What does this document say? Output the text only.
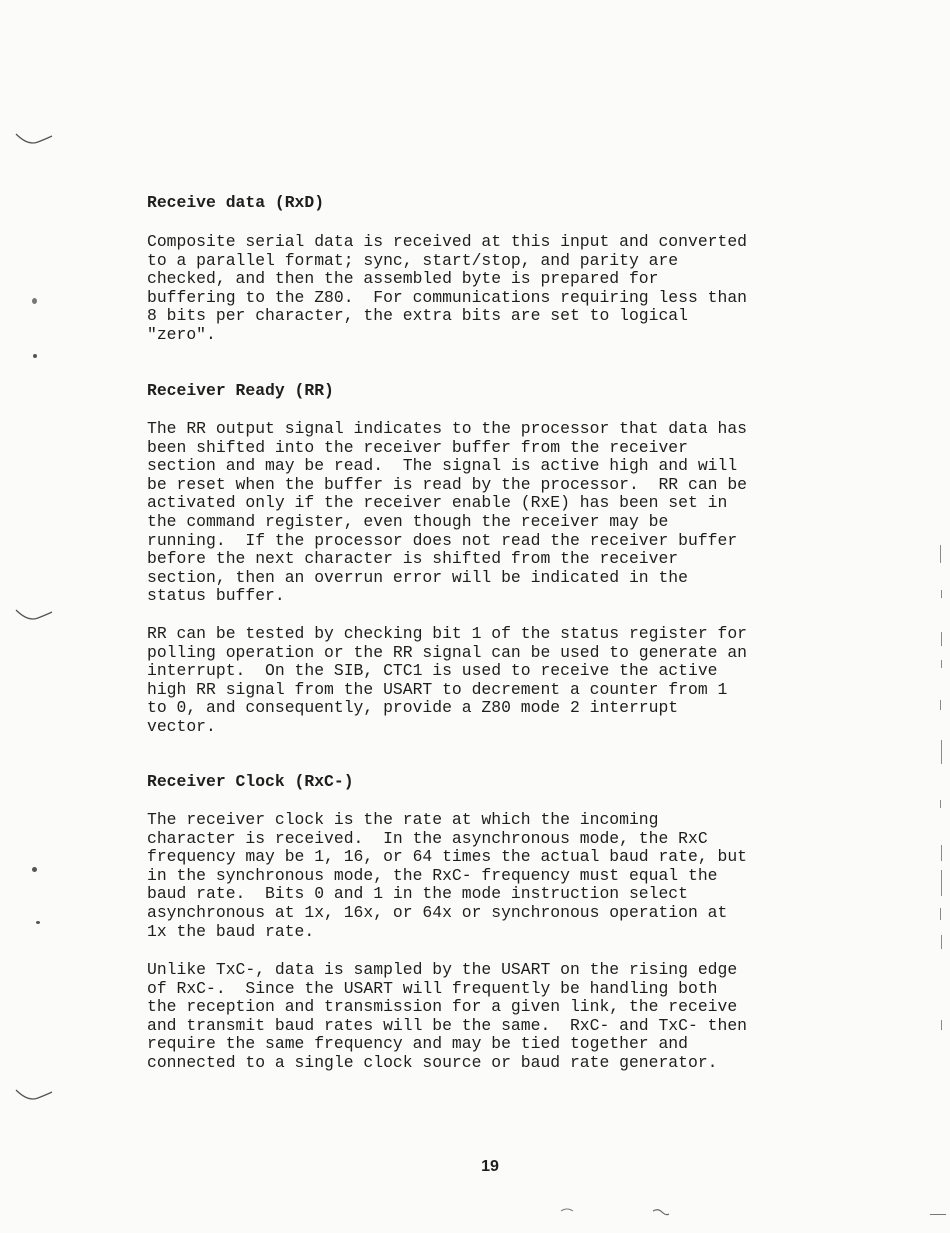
Receive data (RxD)

Composite serial data is received at this input and converted

to a parallel format; sync, start/stop, and parity are

checked, and then the assembled byte is prepared for

buffering to the Z80.  For communications requiring less than

8 bits per character, the extra bits are set to logical

"zero".

Receiver Ready (RR)

The RR output signal indicates to the processor that data has

been shifted into the receiver buffer from the receiver

section and may be read.  The signal is active high and will

be reset when the buffer is read by the processor.  RR can be

activated only if the receiver enable (RxE) has been set in

the command register, even though the receiver may be

running.  If the processor does not read the receiver buffer

before the next character is shifted from the receiver

section, then an overrun error will be indicated in the

status buffer.

RR can be tested by checking bit 1 of the status register for

polling operation or the RR signal can be used to generate an

interrupt.  On the SIB, CTC1 is used to receive the active

high RR signal from the USART to decrement a counter from 1

to 0, and consequently, provide a Z80 mode 2 interrupt

vector.

Receiver Clock (RxC-)

The receiver clock is the rate at which the incoming

character is received.  In the asynchronous mode, the RxC

frequency may be 1, 16, or 64 times the actual baud rate, but

in the synchronous mode, the RxC- frequency must equal the

baud rate.  Bits 0 and 1 in the mode instruction select

asynchronous at 1x, 16x, or 64x or synchronous operation at

1x the baud rate.

Unlike TxC-, data is sampled by the USART on the rising edge

of RxC-.  Since the USART will frequently be handling both

the reception and transmission for a given link, the receive

and transmit baud rates will be the same.  RxC- and TxC- then

require the same frequency and may be tied together and

connected to a single clock source or baud rate generator.

19
